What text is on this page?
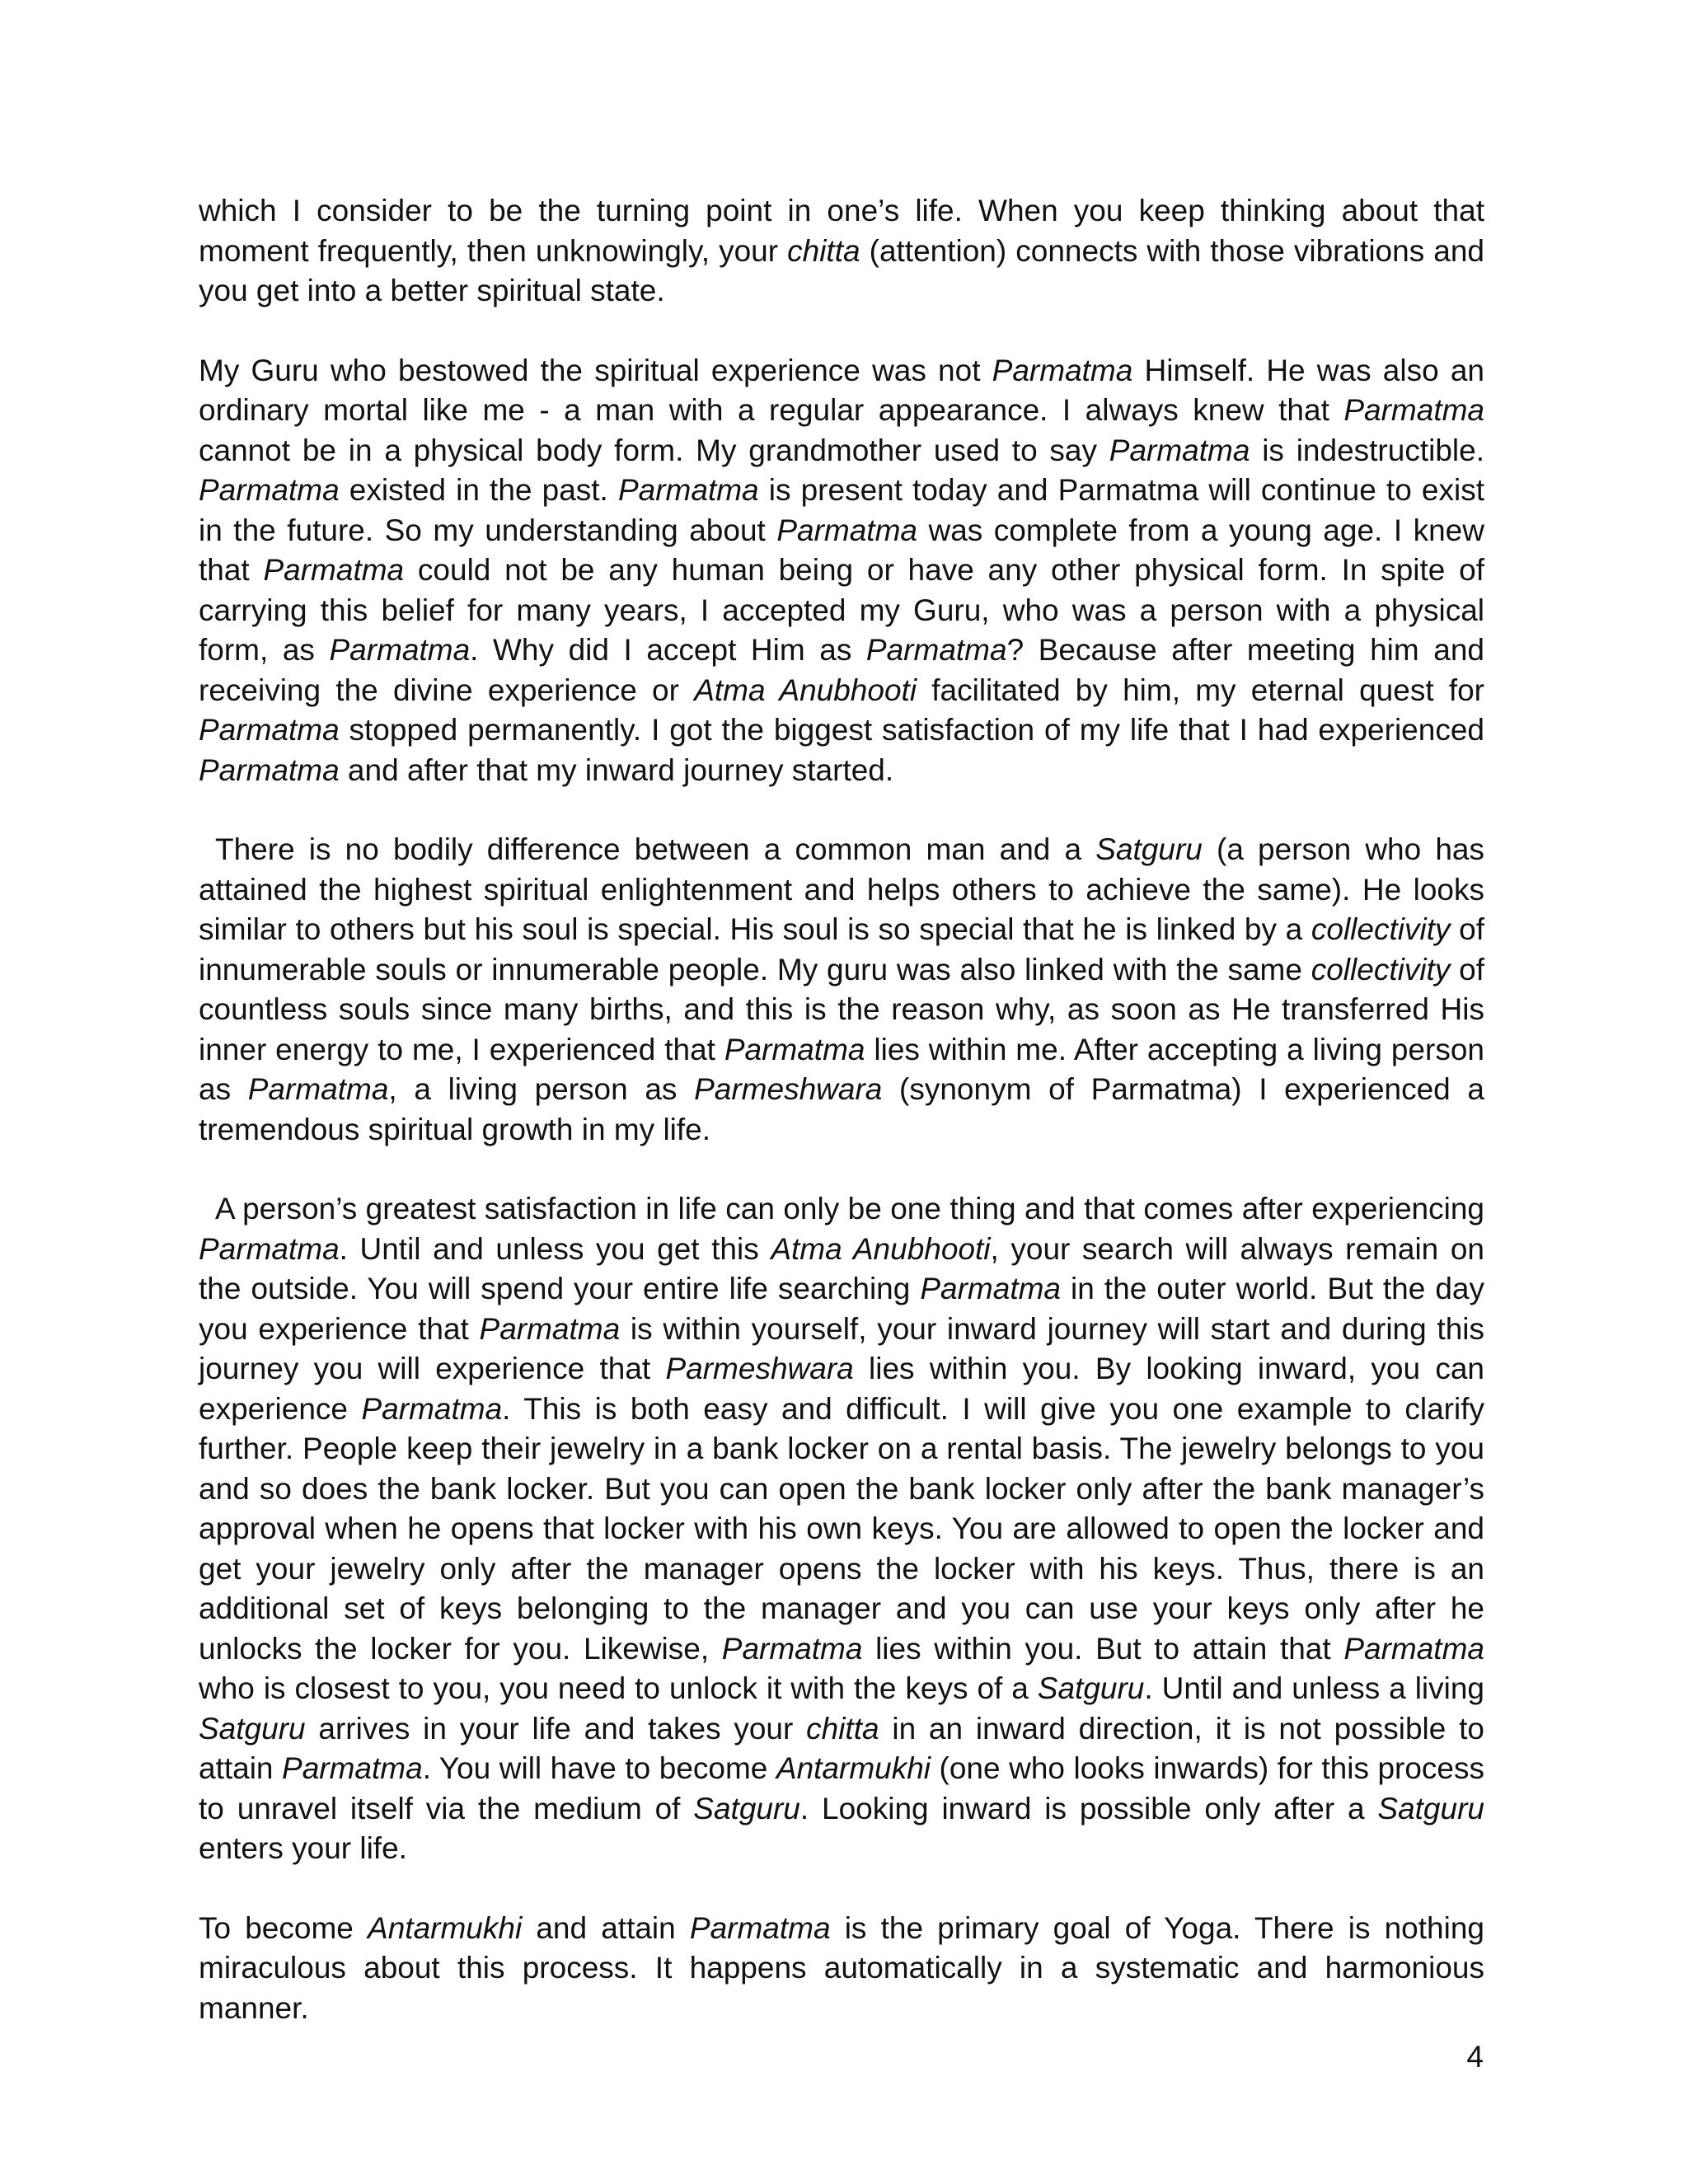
which I consider to be the turning point in one’s life. When you keep thinking about that moment frequently, then unknowingly, your chitta (attention) connects with those vibrations and you get into a better spiritual state.

My Guru who bestowed the spiritual experience was not Parmatma Himself. He was also an ordinary mortal like me - a man with a regular appearance. I always knew that Parmatma cannot be in a physical body form. My grandmother used to say Parmatma is indestructible. Parmatma existed in the past. Parmatma is present today and Parmatma will continue to exist in the future. So my understanding about Parmatma was complete from a young age. I knew that Parmatma could not be any human being or have any other physical form. In spite of carrying this belief for many years, I accepted my Guru, who was a person with a physical form, as Parmatma. Why did I accept Him as Parmatma? Because after meeting him and receiving the divine experience or Atma Anubhooti facilitated by him, my eternal quest for Parmatma stopped permanently. I got the biggest satisfaction of my life that I had experienced Parmatma and after that my inward journey started.

There is no bodily difference between a common man and a Satguru (a person who has attained the highest spiritual enlightenment and helps others to achieve the same). He looks similar to others but his soul is special. His soul is so special that he is linked by a collectivity of innumerable souls or innumerable people. My guru was also linked with the same collectivity of countless souls since many births, and this is the reason why, as soon as He transferred His inner energy to me, I experienced that Parmatma lies within me. After accepting a living person as Parmatma, a living person as Parmeshwara (synonym of Parmatma) I experienced a tremendous spiritual growth in my life.

A person’s greatest satisfaction in life can only be one thing and that comes after experiencing Parmatma. Until and unless you get this Atma Anubhooti, your search will always remain on the outside. You will spend your entire life searching Parmatma in the outer world. But the day you experience that Parmatma is within yourself, your inward journey will start and during this journey you will experience that Parmeshwara lies within you. By looking inward, you can experience Parmatma. This is both easy and difficult. I will give you one example to clarify further. People keep their jewelry in a bank locker on a rental basis. The jewelry belongs to you and so does the bank locker. But you can open the bank locker only after the bank manager’s approval when he opens that locker with his own keys. You are allowed to open the locker and get your jewelry only after the manager opens the locker with his keys. Thus, there is an additional set of keys belonging to the manager and you can use your keys only after he unlocks the locker for you. Likewise, Parmatma lies within you. But to attain that Parmatma who is closest to you, you need to unlock it with the keys of a Satguru. Until and unless a living Satguru arrives in your life and takes your chitta in an inward direction, it is not possible to attain Parmatma. You will have to become Antarmukhi (one who looks inwards) for this process to unravel itself via the medium of Satguru. Looking inward is possible only after a Satguru enters your life.

To become Antarmukhi and attain Parmatma is the primary goal of Yoga. There is nothing miraculous about this process. It happens automatically in a systematic and harmonious manner.

4
